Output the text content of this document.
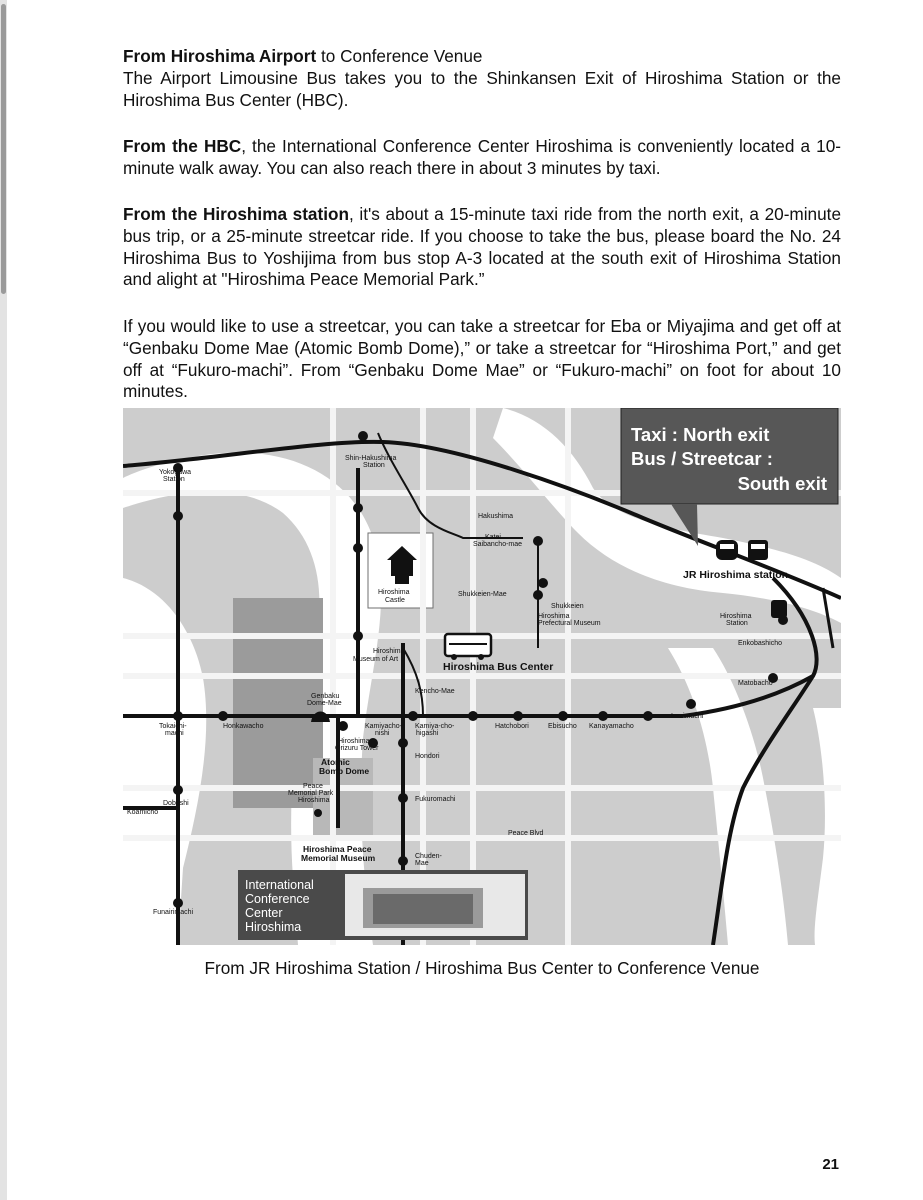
From Hiroshima Airport to Conference Venue

The Airport Limousine Bus takes you to the Shinkansen Exit of Hiroshima Station or the Hiroshima Bus Center (HBC).

From the HBC, the International Conference Center Hiroshima is conveniently located a 10-minute walk away. You can also reach there in about 3 minutes by taxi.

From the Hiroshima station, it's about a 15-minute taxi ride from the north exit, a 20-minute bus trip, or a 25-minute streetcar ride. If you choose to take the bus, please board the No. 24 Hiroshima Bus to Yoshijima from bus stop A-3 located at the south exit of Hiroshima Station and alight at "Hiroshima Peace Memorial Park.”

If you would like to use a streetcar, you can take a streetcar for Eba or Miyajima and get off at “Genbaku Dome Mae (Atomic Bomb Dome),” or take a streetcar for “Hiroshima Port,” and get off at “Fukuro-machi”. From “Genbaku Dome Mae” or “Fukuro-machi” on foot for about 10 minutes.

Taxi : North exit
Bus / Streetcar :
South exit
International
Conference
Center
Hiroshima
Yokogawa
Station
Shin-Hakushima
Station
Hakushima
Katei
Saibancho-mae
Hiroshima
Castle
Shukkeien-Mae
Shukkeien
Hiroshima
Prefectural Museum
Hiroshima
Station
Enkobashicho
Hiroshima
Museum of Art
Kencho-Mae
Genbaku
Dome-Mae
Matobacho
Inarimachi
Tokaichi-
machi
Honkawacho	Kamiyacho-
nishi
Kamiya-cho-
higashi
Hatchobori	Ebisucho Kanayamacho
Hiroshima
Orizuru Tower
Hondori
Peace
Memorial Park
Hiroshima
Dobashi
Koamicho
Fukuromachi
Peace Blvd
Chuden-
Mae
Funairimachi
Atomic
Bomb Dome
Hiroshima Peace
Memorial Museum
JR Hiroshima station
Hiroshima Bus Center
From JR Hiroshima Station / Hiroshima Bus Center to Conference Venue
21
